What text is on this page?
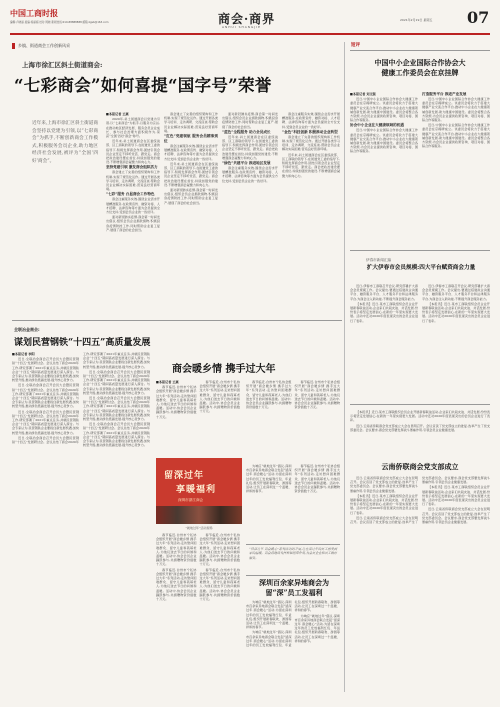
中国工商时报
编辑:卢晓丽 美编:杨丽娟 校对:周晓 新闻热线:010-88888888 邮箱:zgsb@163.com	商会·商界
ANHUI SHANGJIE
2021年2月19日 星期五 07
乡镇、街道商会工作创新风采
上海市徐汇区斜土街道商会:
“七彩商会”如何喜提“国字号”荣誉
近年来,上海市徐汇区斜土街道商会坚持以党建为引领,以“七彩商会”为抓手,不断创新商会工作模式,积极服务会员企业,助力地区经济社会发展,被评为“全国‘四好’商会”。

■本报记者 王燕

2020年,斜土街道商会以党建为引领,以“七彩商会”为抓手,以服务为宗旨,在推动地区经济发展、服务会员企业成长、参与社会治理方面积极作为,荣获“全国‘四好’商会”称号。

近年来,斜土街道商会在区委统战部、区工商联的领导下,在街道党工委的指导下,积极发挥商会作用,团结引领会员企业坚定不移听党话、跟党走。商会把政治建设摆在首位,持续加强党的建设,不断增强商会凝聚力和向心力。

坚持党建引领 激发商会组织活力

商会建立了完善的组织架构和工作机制,实现了规范化运作。通过开展各类学习培训、走访调研、交流座谈,帮助会员企业解决实际困难,营造良好营商环境。

“七彩”服务 凸显商会工作特色

商会注重服务实效,围绕企业需求开展精准服务,在政策宣传、融资对接、人才招聘、法律咨询等方面为会员提供全方位支持,受到会员企业的一致好评。

面对新冠肺炎疫情,商会第一时间发出倡议,组织会员企业捐款捐物,积极投身疫情防控工作,同时帮助企业复工复产,展现了商会的社会担当。

商会建立了完善的组织架构和工作机制,实现了规范化运作。通过开展各类学习培训、走访调研、交流座谈,帮助会员企业解决实际困难,营造良好营商环境。

“红色”党建领航 服务会员精准到位

商会注重服务实效,围绕企业需求开展精准服务,在政策宣传、融资对接、人才招聘、法律咨询等方面为会员提供全方位支持,受到会员企业的一致好评。

近年来,斜土街道商会在区委统战部、区工商联的领导下,在街道党工委的指导下,积极发挥商会作用,团结引领会员企业坚定不移听党话、跟党走。商会把政治建设摆在首位,持续加强党的建设,不断增强商会凝聚力和向心力。

面对新冠肺炎疫情,商会第一时间发出倡议,组织会员企业捐款捐物,积极投身疫情防控工作,同时帮助企业复工复产,展现了商会的社会担当。

面对新冠肺炎疫情,商会第一时间发出倡议,组织会员企业捐款捐物,积极投身疫情防控工作,同时帮助企业复工复产,展现了商会的社会担当。

“蓝色”全程服务 助力会员成长

近年来,斜土街道商会在区委统战部、区工商联的领导下,在街道党工委的指导下,积极发挥商会作用,团结引领会员企业坚定不移听党话、跟党走。商会把政治建设摆在首位,持续加强党的建设,不断增强商会凝聚力和向心力。

“绿色”共建平台 推进地区发展

商会注重服务实效,围绕企业需求开展精准服务,在政策宣传、融资对接、人才招聘、法律咨询等方面为会员提供全方位支持,受到会员企业的一致好评。

商会注重服务实效,围绕企业需求开展精准服务,在政策宣传、融资对接、人才招聘、法律咨询等方面为会员提供全方位支持,受到会员企业的一致好评。

“金色”科技创新 积极推动企业转型

商会建立了完善的组织架构和工作机制,实现了规范化运作。通过开展各类学习培训、走访调研、交流座谈,帮助会员企业解决实际困难,营造良好营商环境。

近年来,斜土街道商会在区委统战部、区工商联的领导下,在街道党工委的指导下,积极发挥商会作用,团结引领会员企业坚定不移听党话、跟党走。商会把政治建设摆在首位,持续加强党的建设,不断增强商会凝聚力和向心力。

短评
中国中小企业国际合作协会大健康工作委员会在京挂牌

■本报记者 刘文强

近日,中国中小企业国际合作协会大健康工作委员会在京揭牌成立。该委员会将致力于搭建大健康产业交流合作平台,推动中小企业在大健康领域创新发展,助力健康中国建设。委员会将整合各方资源,为会员企业提供政策咨询、项目对接、国际合作等服务。

协会中小企业在大健康领域的机遇

近日,中国中小企业国际合作协会大健康工作委员会在京揭牌成立。该委员会将致力于搭建大健康产业交流合作平台,推动中小企业在大健康领域创新发展,助力健康中国建设。委员会将整合各方资源,为会员企业提供政策咨询、项目对接、国际合作等服务。

打造服务平台 推进产业发展

近日,中国中小企业国际合作协会大健康工作委员会在京揭牌成立。该委员会将致力于搭建大健康产业交流合作平台,推动中小企业在大健康领域创新发展,助力健康中国建设。委员会将整合各方资源,为会员企业提供政策咨询、项目对接、国际合作等服务。

近日,中国中小企业国际合作协会大健康工作委员会在京揭牌成立。该委员会将致力于搭建大健康产业交流合作平台,推动中小企业在大健康领域创新发展,助力健康中国建设。委员会将整合各方资源,为会员企业提供政策咨询、项目对接、国际合作等服务。

伊春市新闻汇编
扩大伊春市会员规模:四大平台赋资商会力量

近日,伊春市工商联召开会议,研究部署扩大商会会员规模工作。会议提出,要通过搭建政企沟通平台、融资服务平台、人才服务平台和法律服务平台,为商会注入新动能,不断提升商会服务能力。

【本报讯】近日,某市工商联组织会员企业开展新春联谊活动,企业家们共叙友谊、共话发展,纷纷表示将坚定发展信心,在新的一年里实现更大发展。活动中还对2020年度表现突出的会员企业进行了表彰。

近日,伊春市工商联召开会议,研究部署扩大商会会员规模工作。会议提出,要通过搭建政企沟通平台、融资服务平台、人才服务平台和法律服务平台,为商会注入新动能,不断提升商会服务能力。

【本报讯】近日,某市工商联组织会员企业开展新春联谊活动,企业家们共叙友谊、共话发展,纷纷表示将坚定发展信心,在新的一年里实现更大发展。活动中还对2020年度表现突出的会员企业进行了表彰。

云南侨联商会党支部成立

【本报讯】近日,某市工商联组织会员企业开展新春联谊活动,企业家们共叙友谊、共话发展,纷纷表示将坚定发展信心,在新的一年里实现更大发展。活动中还对2020年度表现突出的会员企业进行了表彰。

近日,云南省侨联商会党支部成立大会在昆明召开。会议宣读了党支部成立的批复,选举产生了党支部委员会。会议要求,商会党支部要发挥战斗堡垒作用,引领会员企业健康发展。

近日,云南省侨联商会党支部成立大会在昆明召开。会议宣读了党支部成立的批复,选举产生了党支部委员会。会议要求,商会党支部要发挥战斗堡垒作用,引领会员企业健康发展。

【本报讯】近日,某市工商联组织会员企业开展新春联谊活动,企业家们共叙友谊、共话发展,纷纷表示将坚定发展信心,在新的一年里实现更大发展。活动中还对2020年度表现突出的会员企业进行了表彰。

近日,云南省侨联商会党支部成立大会在昆明召开。会议宣读了党支部成立的批复,选举产生了党支部委员会。会议要求,商会党支部要发挥战斗堡垒作用,引领会员企业健康发展。

【本报讯】近日,某市工商联组织会员企业开展新春联谊活动,企业家们共叙友谊、共话发展,纷纷表示将坚定发展信心,在新的一年里实现更大发展。活动中还对2020年度表现突出的会员企业进行了表彰。

近日,云南省侨联商会党支部成立大会在昆明召开。会议宣读了党支部成立的批复,选举产生了党支部委员会。会议要求,商会党支部要发挥战斗堡垒作用,引领会员企业健康发展。

全联冶金商会:
谋划民营钢铁“十四五”高质量发展

■本报记者 李阳

近日,全联冶金商会召开会员大会暨民营钢铁“十四五”发展研讨会。会议总结了商会2020年工作,研究部署了2021年重点任务,并就民营钢铁企业“十四五”期间高质量发展进行深入探讨。与会专家认为,民营钢铁企业要抓住新发展机遇,加快转型升级,推动绿色低碳发展,提升核心竞争力。

近日,全联冶金商会召开会员大会暨民营钢铁“十四五”发展研讨会。会议总结了商会2020年工作,研究部署了2021年重点任务,并就民营钢铁企业“十四五”期间高质量发展进行深入探讨。与会专家认为,民营钢铁企业要抓住新发展机遇,加快转型升级,推动绿色低碳发展,提升核心竞争力。

近日,全联冶金商会召开会员大会暨民营钢铁“十四五”发展研讨会。会议总结了商会2020年工作,研究部署了2021年重点任务,并就民营钢铁企业“十四五”期间高质量发展进行深入探讨。与会专家认为,民营钢铁企业要抓住新发展机遇,加快转型升级,推动绿色低碳发展,提升核心竞争力。

近日,全联冶金商会召开会员大会暨民营钢铁“十四五”发展研讨会。会议总结了商会2020年工作,研究部署了2021年重点任务,并就民营钢铁企业“十四五”期间高质量发展进行深入探讨。与会专家认为,民营钢铁企业要抓住新发展机遇,加快转型升级,推动绿色低碳发展,提升核心竞争力。

近日,全联冶金商会召开会员大会暨民营钢铁“十四五”发展研讨会。会议总结了商会2020年工作,研究部署了2021年重点任务,并就民营钢铁企业“十四五”期间高质量发展进行深入探讨。与会专家认为,民营钢铁企业要抓住新发展机遇,加快转型升级,推动绿色低碳发展,提升核心竞争力。

近日,全联冶金商会召开会员大会暨民营钢铁“十四五”发展研讨会。会议总结了商会2020年工作,研究部署了2021年重点任务,并就民营钢铁企业“十四五”期间高质量发展进行深入探讨。与会专家认为,民营钢铁企业要抓住新发展机遇,加快转型升级,推动绿色低碳发展,提升核心竞争力。

近日,全联冶金商会召开会员大会暨民营钢铁“十四五”发展研讨会。会议总结了商会2020年工作,研究部署了2021年重点任务,并就民营钢铁企业“十四五”期间高质量发展进行深入探讨。与会专家认为,民营钢铁企业要抓住新发展机遇,加快转型升级,推动绿色低碳发展,提升核心竞争力。

商会暖乡情 携手过大年

■本报记者 王燕

春节临近,台州市个私协会组织开展“商会暖乡情 携手过大年”系列活动,走访慰问困难群众、留守儿童和孤寡老人,为他们送去节日的问候和温暖。活动中,协会会员企业踊跃参与,共捐赠物资价值数十万元。

春节临近,台州市个私协会组织开展“商会暖乡情 携手过大年”系列活动,走访慰问困难群众、留守儿童和孤寡老人,为他们送去节日的问候和温暖。活动中,协会会员企业踊跃参与,共捐赠物资价值数十万元。

留深过年
享暖福利
深圳市浙江商会
“就地过年”活动现场

春节临近,台州市个私协会组织开展“商会暖乡情 携手过大年”系列活动,走访慰问困难群众、留守儿童和孤寡老人,为他们送去节日的问候和温暖。活动中,协会会员企业踊跃参与,共捐赠物资价值数十万元。

春节临近,台州市个私协会组织开展“商会暖乡情 携手过大年”系列活动,走访慰问困难群众、留守儿童和孤寡老人,为他们送去节日的问候和温暖。活动中,协会会员企业踊跃参与,共捐赠物资价值数十万元。

春节临近,台州市个私协会组织开展“商会暖乡情 携手过大年”系列活动,走访慰问困难群众、留守儿童和孤寡老人,为他们送去节日的问候和温暖。活动中,协会会员企业踊跃参与,共捐赠物资价值数十万元。

春节临近,台州市个私协会组织开展“商会暖乡情 携手过大年”系列活动,走访慰问困难群众、留守儿童和孤寡老人,为他们送去节日的问候和温暖。活动中,协会会员企业踊跃参与,共捐赠物资价值数十万元。

春节临近,台州市个私协会组织开展“商会暖乡情 携手过大年”系列活动,走访慰问困难群众、留守儿童和孤寡老人,为他们送去节日的问候和温暖。活动中,协会会员企业踊跃参与,共捐赠物资价值数十万元。

春节临近,台州市个私协会组织开展“商会暖乡情 携手过大年”系列活动,走访慰问困难群众、留守儿童和孤寡老人,为他们送去节日的问候和温暖。活动中,协会会员企业踊跃参与,共捐赠物资价值数十万元。

“留深过年 商会暖心”系列活动的开展,让在深过年的员工感受到家的温暖。商会将继续发挥桥梁纽带作用,为会员企业和员工做好服务。
深圳百余家异地商会为留“深”员工发福利

为响应“就地过年”倡议,深圳市百余家异地商会联合发起“留深过年 商会暖心”活动,为留在深圳过年的员工发放福利红包、年货礼包,组织开展新春联欢、游园等活动,让员工在深圳过一个温暖、祥和的春节。

为响应“就地过年”倡议,深圳市百余家异地商会联合发起“留深过年 商会暖心”活动,为留在深圳过年的员工发放福利红包、年货礼包,组织开展新春联欢、游园等活动,让员工在深圳过一个温暖、祥和的春节。

为响应“就地过年”倡议,深圳市百余家异地商会联合发起“留深过年 商会暖心”活动,为留在深圳过年的员工发放福利红包、年货礼包,组织开展新春联欢、游园等活动,让员工在深圳过一个温暖、祥和的春节。

为响应“就地过年”倡议,深圳市百余家异地商会联合发起“留深过年 商会暖心”活动,为留在深圳过年的员工发放福利红包、年货礼包,组织开展新春联欢、游园等活动,让员工在深圳过一个温暖、祥和的春节。

春节临近,台州市个私协会组织开展“商会暖乡情 携手过大年”系列活动,走访慰问困难群众、留守儿童和孤寡老人,为他们送去节日的问候和温暖。活动中,协会会员企业踊跃参与,共捐赠物资价值数十万元。
